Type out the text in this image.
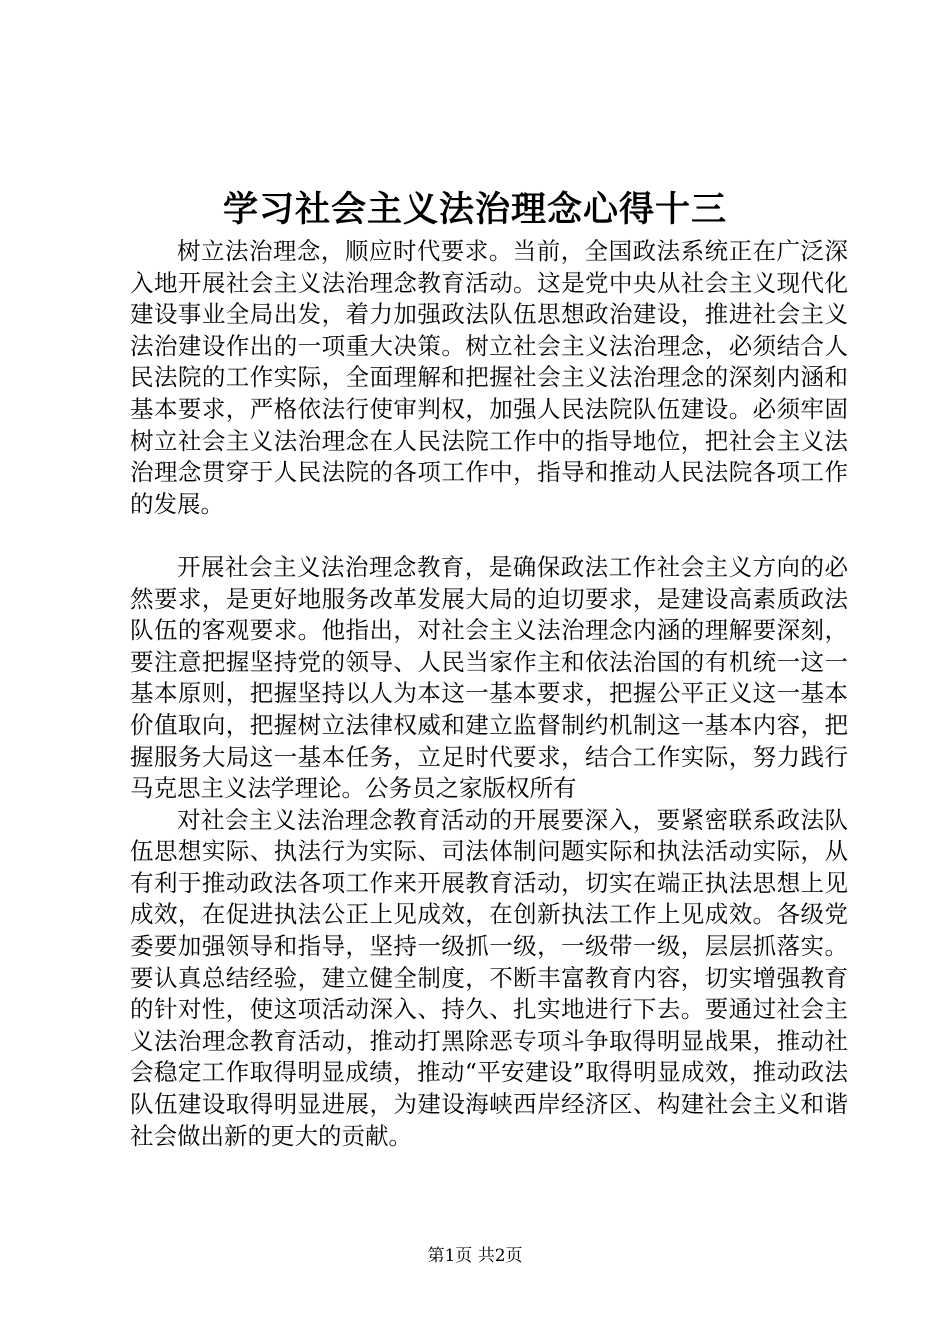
学习社会主义法治理念心得十三

树立法治理念，顺应时代要求。当前，全国政法系统正在广泛深入地开展社会主义法治理念教育活动。这是党中央从社会主义现代化建设事业全局出发，着力加强政法队伍思想政治建设，推进社会主义法治建设作出的一项重大决策。树立社会主义法治理念，必须结合人民法院的工作实际，全面理解和把握社会主义法治理念的深刻内涵和基本要求，严格依法行使审判权，加强人民法院队伍建设。必须牢固树立社会主义法治理念在人民法院工作中的指导地位，把社会主义法治理念贯穿于人民法院的各项工作中，指导和推动人民法院各项工作的发展。

开展社会主义法治理念教育，是确保政法工作社会主义方向的必然要求，是更好地服务改革发展大局的迫切要求，是建设高素质政法队伍的客观要求。他指出，对社会主义法治理念内涵的理解要深刻，要注意把握坚持党的领导、人民当家作主和依法治国的有机统一这一基本原则，把握坚持以人为本这一基本要求，把握公平正义这一基本价值取向，把握树立法律权威和建立监督制约机制这一基本内容，把握服务大局这一基本任务，立足时代要求，结合工作实际，努力践行马克思主义法学理论。公务员之家版权所有

对社会主义法治理念教育活动的开展要深入，要紧密联系政法队伍思想实际、执法行为实际、司法体制问题实际和执法活动实际，从有利于推动政法各项工作来开展教育活动，切实在端正执法思想上见成效，在促进执法公正上见成效，在创新执法工作上见成效。各级党委要加强领导和指导，坚持一级抓一级，一级带一级，层层抓落实。要认真总结经验，建立健全制度，不断丰富教育内容，切实增强教育的针对性，使这项活动深入、持久、扎实地进行下去。要通过社会主义法治理念教育活动，推动打黑除恶专项斗争取得明显战果，推动社会稳定工作取得明显成绩，推动“平安建设”取得明显成效，推动政法队伍建设取得明显进展，为建设海峡西岸经济区、构建社会主义和谐社会做出新的更大的贡献。

第1页 共2页
